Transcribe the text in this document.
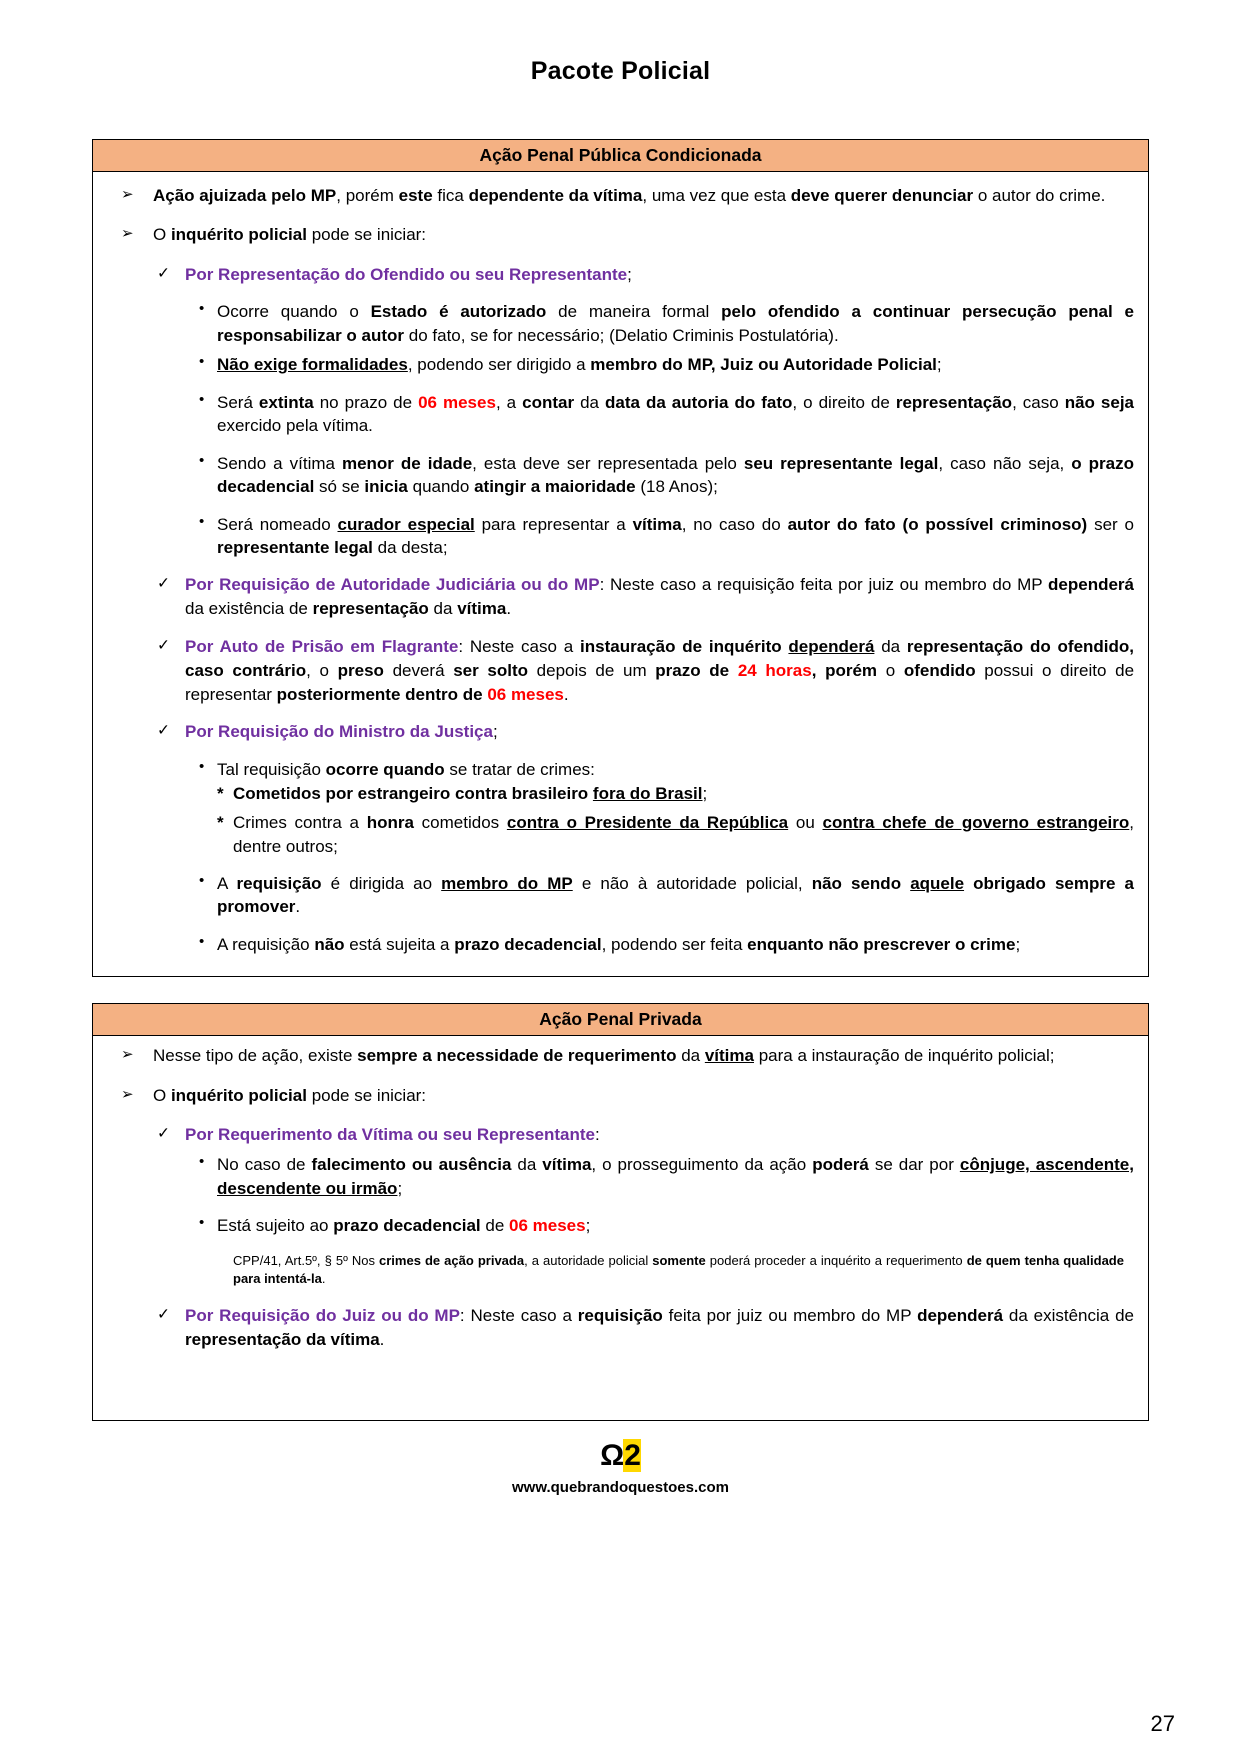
Pacote Policial
Ação Penal Pública Condicionada
➢ Ação ajuizada pelo MP, porém este fica dependente da vítima, uma vez que esta deve querer denunciar o autor do crime.
➢ O inquérito policial pode se iniciar:
✓ Por Representação do Ofendido ou seu Representante;
• Ocorre quando o Estado é autorizado de maneira formal pelo ofendido a continuar persecução penal e responsabilizar o autor do fato, se for necessário; (Delatio Criminis Postulatória).
• Não exige formalidades, podendo ser dirigido a membro do MP, Juiz ou Autoridade Policial;
• Será extinta no prazo de 06 meses, a contar da data da autoria do fato, o direito de representação, caso não seja exercido pela vítima.
• Sendo a vítima menor de idade, esta deve ser representada pelo seu representante legal, caso não seja, o prazo decadencial só se inicia quando atingir a maioridade (18 Anos);
• Será nomeado curador especial para representar a vítima, no caso do autor do fato (o possível criminoso) ser o representante legal da desta;
✓ Por Requisição de Autoridade Judiciária ou do MP: Neste caso a requisição feita por juiz ou membro do MP dependerá da existência de representação da vítima.
✓ Por Auto de Prisão em Flagrante: Neste caso a instauração de inquérito dependerá da representação do ofendido, caso contrário, o preso deverá ser solto depois de um prazo de 24 horas, porém o ofendido possui o direito de representar posteriormente dentro de 06 meses.
✓ Por Requisição do Ministro da Justiça;
• Tal requisição ocorre quando se tratar de crimes:
* Cometidos por estrangeiro contra brasileiro fora do Brasil;
* Crimes contra a honra cometidos contra o Presidente da República ou contra chefe de governo estrangeiro, dentre outros;
• A requisição é dirigida ao membro do MP e não à autoridade policial, não sendo aquele obrigado sempre a promover.
• A requisição não está sujeita a prazo decadencial, podendo ser feita enquanto não prescrever o crime;
Ação Penal Privada
➢ Nesse tipo de ação, existe sempre a necessidade de requerimento da vítima para a instauração de inquérito policial;
➢ O inquérito policial pode se iniciar:
✓ Por Requerimento da Vítima ou seu Representante:
• No caso de falecimento ou ausência da vítima, o prosseguimento da ação poderá se dar por cônjuge, ascendente, descendente ou irmão;
• Está sujeito ao prazo decadencial de 06 meses;
CPP/41, Art.5º, § 5º Nos crimes de ação privada, a autoridade policial somente poderá proceder a inquérito a requerimento de quem tenha qualidade para intentá-la.
✓ Por Requisição do Juiz ou do MP: Neste caso a requisição feita por juiz ou membro do MP dependerá da existência de representação da vítima.
Ω2
www.quebrandoquestoes.com
27
